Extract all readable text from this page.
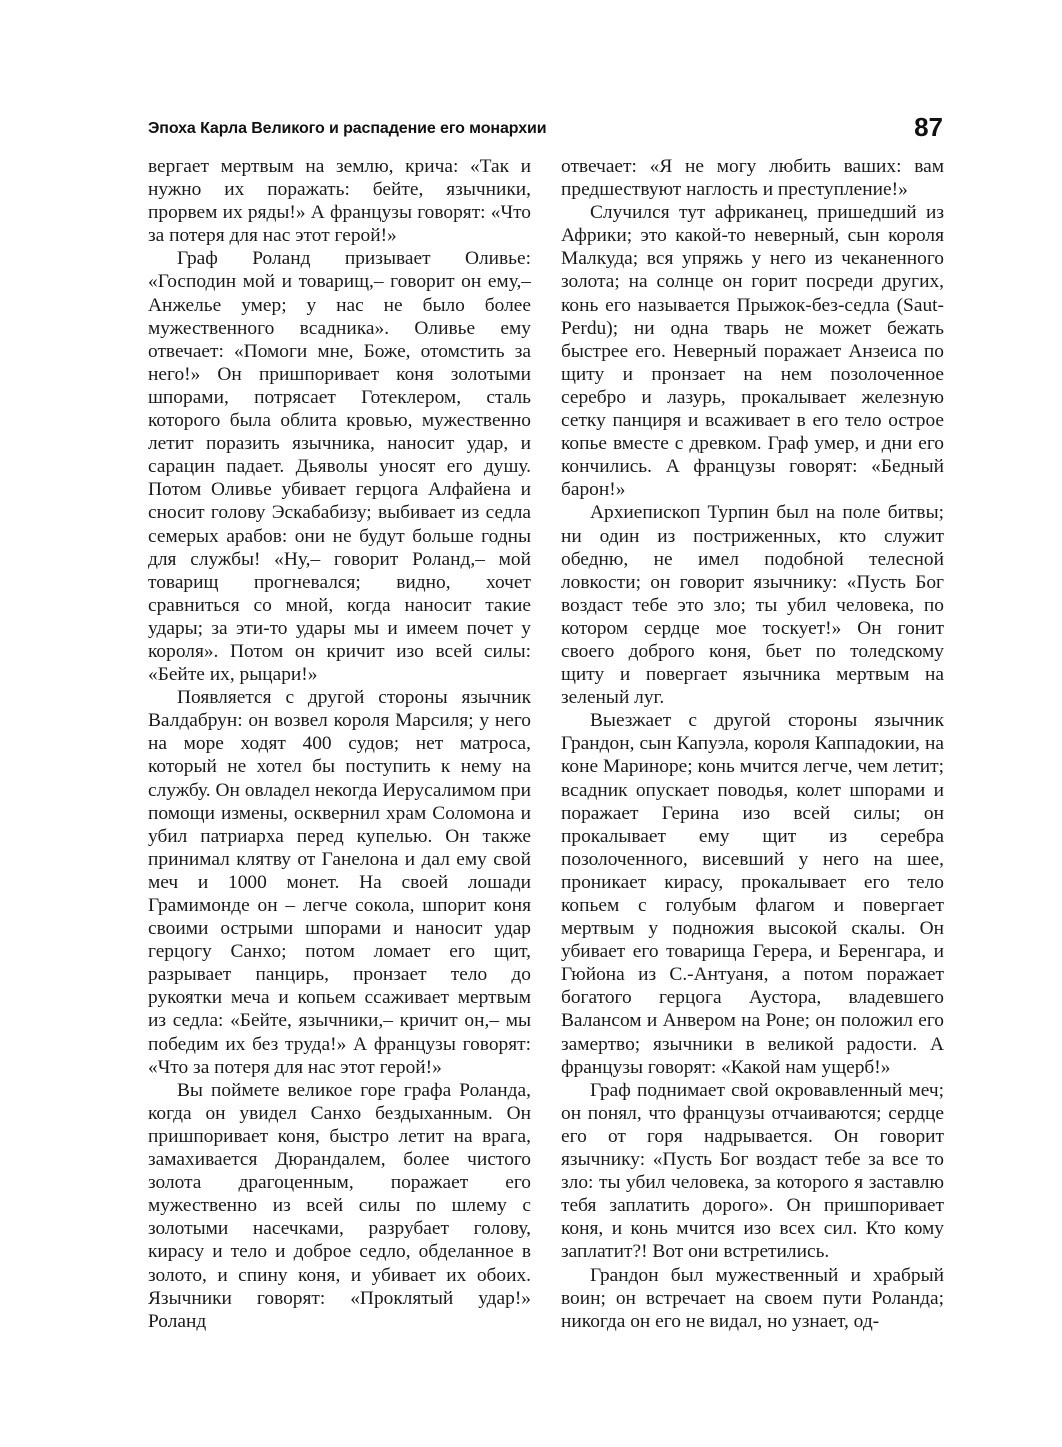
Эпоха Карла Великого и распадение его монархии	87

вергает мертвым на землю, крича: «Так и нужно их поражать: бейте, язычники, прорвем их ряды!» А французы говорят: «Что за потеря для нас этот герой!»

Граф Роланд призывает Оливье: «Господин мой и товарищ,– говорит он ему,– Анжелье умер; у нас не было более мужественного всадника». Оливье ему отвечает: «Помоги мне, Боже, отомстить за него!» Он пришпоривает коня золотыми шпорами, потрясает Готеклером, сталь которого была облита кровью, мужественно летит поразить язычника, наносит удар, и сарацин падает. Дьяволы уносят его душу. Потом Оливье убивает герцога Алфайена и сносит голову Эскабабизу; выбивает из седла семерых арабов: они не будут больше годны для службы! «Ну,– говорит Роланд,– мой товарищ прогневался; видно, хочет сравниться со мной, когда наносит такие удары; за эти-то удары мы и имеем почет у короля». Потом он кричит изо всей силы: «Бейте их, рыцари!»

Появляется с другой стороны язычник Валдабрун: он возвел короля Марсиля; у него на море ходят 400 судов; нет матроса, который не хотел бы поступить к нему на службу. Он овладел некогда Иерусалимом при помощи измены, осквернил храм Соломона и убил патриарха перед купелью. Он также принимал клятву от Ганелона и дал ему свой меч и 1000 монет. На своей лошади Грамимонде он – легче сокола, шпорит коня своими острыми шпорами и наносит удар герцогу Санхо; потом ломает его щит, разрывает панцирь, пронзает тело до рукоятки меча и копьем ссаживает мертвым из седла: «Бейте, язычники,– кричит он,– мы победим их без труда!» А французы говорят: «Что за потеря для нас этот герой!»

Вы поймете великое горе графа Роланда, когда он увидел Санхо бездыханным. Он пришпоривает коня, быстро летит на врага, замахивается Дюрандалем, более чистого золота драгоценным, поражает его мужественно из всей силы по шлему с золотыми насечками, разрубает голову, кирасу и тело и доброе седло, обделанное в золото, и спину коня, и убивает их обоих. Язычники говорят: «Проклятый удар!» Роланд

отвечает: «Я не могу любить ваших: вам предшествуют наглость и преступление!»

Случился тут африканец, пришедший из Африки; это какой-то неверный, сын короля Малкуда; вся упряжь у него из чеканенного золота; на солнце он горит посреди других, конь его называется Прыжок-без-седла (Saut-Perdu); ни одна тварь не может бежать быстрее его. Неверный поражает Анзеиса по щиту и пронзает на нем позолоченное серебро и лазурь, прокалывает железную сетку панциря и всаживает в его тело острое копье вместе с древком. Граф умер, и дни его кончились. А французы говорят: «Бедный барон!»

Архиепископ Турпин был на поле битвы; ни один из постриженных, кто служит обедню, не имел подобной телесной ловкости; он говорит язычнику: «Пусть Бог воздаст тебе это зло; ты убил человека, по котором сердце мое тоскует!» Он гонит своего доброго коня, бьет по толедскому щиту и повергает язычника мертвым на зеленый луг.

Выезжает с другой стороны язычник Грандон, сын Капуэла, короля Каппадокии, на коне Мариноре; конь мчится легче, чем летит; всадник опускает поводья, колет шпорами и поражает Герина изо всей силы; он прокалывает ему щит из серебра позолоченного, висевший у него на шее, проникает кирасу, прокалывает его тело копьем с голубым флагом и повергает мертвым у подножия высокой скалы. Он убивает его товарища Герера, и Беренгара, и Гюйона из С.-Антуаня, а потом поражает богатого герцога Аустора, владевшего Валансом и Анвером на Роне; он положил его замертво; язычники в великой радости. А французы говорят: «Какой нам ущерб!»

Граф поднимает свой окровавленный меч; он понял, что французы отчаиваются; сердце его от горя надрывается. Он говорит язычнику: «Пусть Бог воздаст тебе за все то зло: ты убил человека, за которого я заставлю тебя заплатить дорого». Он пришпоривает коня, и конь мчится изо всех сил. Кто кому заплатит?! Вот они встретились.

Грандон был мужественный и храбрый воин; он встречает на своем пути Роланда; никогда он его не видал, но узнает, од-
